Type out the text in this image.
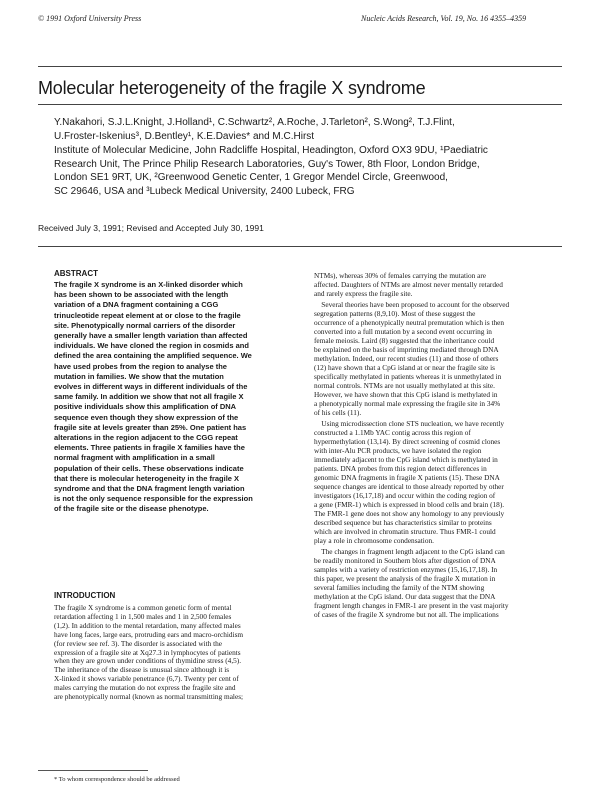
© 1991 Oxford University Press	Nucleic Acids Research, Vol. 19, No. 16 4355–4359
Molecular heterogeneity of the fragile X syndrome
Y.Nakahori, S.J.L.Knight, J.Holland¹, C.Schwartz², A.Roche, J.Tarleton², S.Wong², T.J.Flint,
U.Froster-Iskenius³, D.Bentley¹, K.E.Davies* and M.C.Hirst
Institute of Molecular Medicine, John Radcliffe Hospital, Headington, Oxford OX3 9DU, ¹Paediatric
Research Unit, The Prince Philip Research Laboratories, Guy's Tower, 8th Floor, London Bridge,
London SE1 9RT, UK, ²Greenwood Genetic Center, 1 Gregor Mendel Circle, Greenwood,
SC 29646, USA and ³Lubeck Medical University, 2400 Lubeck, FRG
Received July 3, 1991; Revised and Accepted July 30, 1991
ABSTRACT

The fragile X syndrome is an X-linked disorder which

has been shown to be associated with the length

variation of a DNA fragment containing a CGG

trinucleotide repeat element at or close to the fragile

site. Phenotypically normal carriers of the disorder

generally have a smaller length variation than affected

individuals. We have cloned the region in cosmids and

defined the area containing the amplified sequence. We

have used probes from the region to analyse the

mutation in families. We show that the mutation

evolves in different ways in different individuals of the

same family. In addition we show that not all fragile X

positive individuals show this amplification of DNA

sequence even though they show expression of the

fragile site at levels greater than 25%. One patient has

alterations in the region adjacent to the CGG repeat

elements. Three patients in fragile X families have the

normal fragment with amplification in a small

population of their cells. These observations indicate

that there is molecular heterogeneity in the fragile X

syndrome and that the DNA fragment length variation

is not the only sequence responsible for the expression

of the fragile site or the disease phenotype.

INTRODUCTION

The fragile X syndrome is a common genetic form of mental

retardation affecting 1 in 1,500 males and 1 in 2,500 females

(1,2). In addition to the mental retardation, many affected males

have long faces, large ears, protruding ears and macro-orchidism

(for review see ref. 3). The disorder is associated with the

expression of a fragile site at Xq27.3 in lymphocytes of patients

when they are grown under conditions of thymidine stress (4,5).

The inheritance of the disease is unusual since although it is

X-linked it shows variable penetrance (6,7). Twenty per cent of

males carrying the mutation do not express the fragile site and

are phenotypically normal (known as normal transmitting males;

NTMs), whereas 30% of females carrying the mutation are

affected. Daughters of NTMs are almost never mentally retarded

and rarely express the fragile site.

Several theories have been proposed to account for the observed

segregation patterns (8,9,10). Most of these suggest the

occurrence of a phenotypically neutral premutation which is then

converted into a full mutation by a second event occurring in

female meiosis. Laird (8) suggested that the inheritance could

be explained on the basis of imprinting mediated through DNA

methylation. Indeed, our recent studies (11) and those of others

(12) have shown that a CpG island at or near the fragile site is

specifically methylated in patients whereas it is unmethylated in

normal controls. NTMs are not usually methylated at this site.

However, we have shown that this CpG island is methylated in

a phenotypically normal male expressing the fragile site in 34%

of his cells (11).

Using microdissection clone STS nucleation, we have recently

constructed a 1.1Mb YAC contig across this region of

hypermethylation (13,14). By direct screening of cosmid clones

with inter-Alu PCR products, we have isolated the region

immediately adjacent to the CpG island which is methylated in

patients. DNA probes from this region detect differences in

genomic DNA fragments in fragile X patients (15). These DNA

sequence changes are identical to those already reported by other

investigators (16,17,18) and occur within the coding region of

a gene (FMR-1) which is expressed in blood cells and brain (18).

The FMR-1 gene does not show any homology to any previously

described sequence but has characteristics similar to proteins

which are involved in chromatin structure. Thus FMR-1 could

play a role in chromosome condensation.

The changes in fragment length adjacent to the CpG island can

be readily monitored in Southern blots after digestion of DNA

samples with a variety of restriction enzymes (15,16,17,18). In

this paper, we present the analysis of the fragile X mutation in

several families including the family of the NTM showing

methylation at the CpG island. Our data suggest that the DNA

fragment length changes in FMR-1 are present in the vast majority

of cases of the fragile X syndrome but not all. The implications

* To whom correspondence should be addressed
